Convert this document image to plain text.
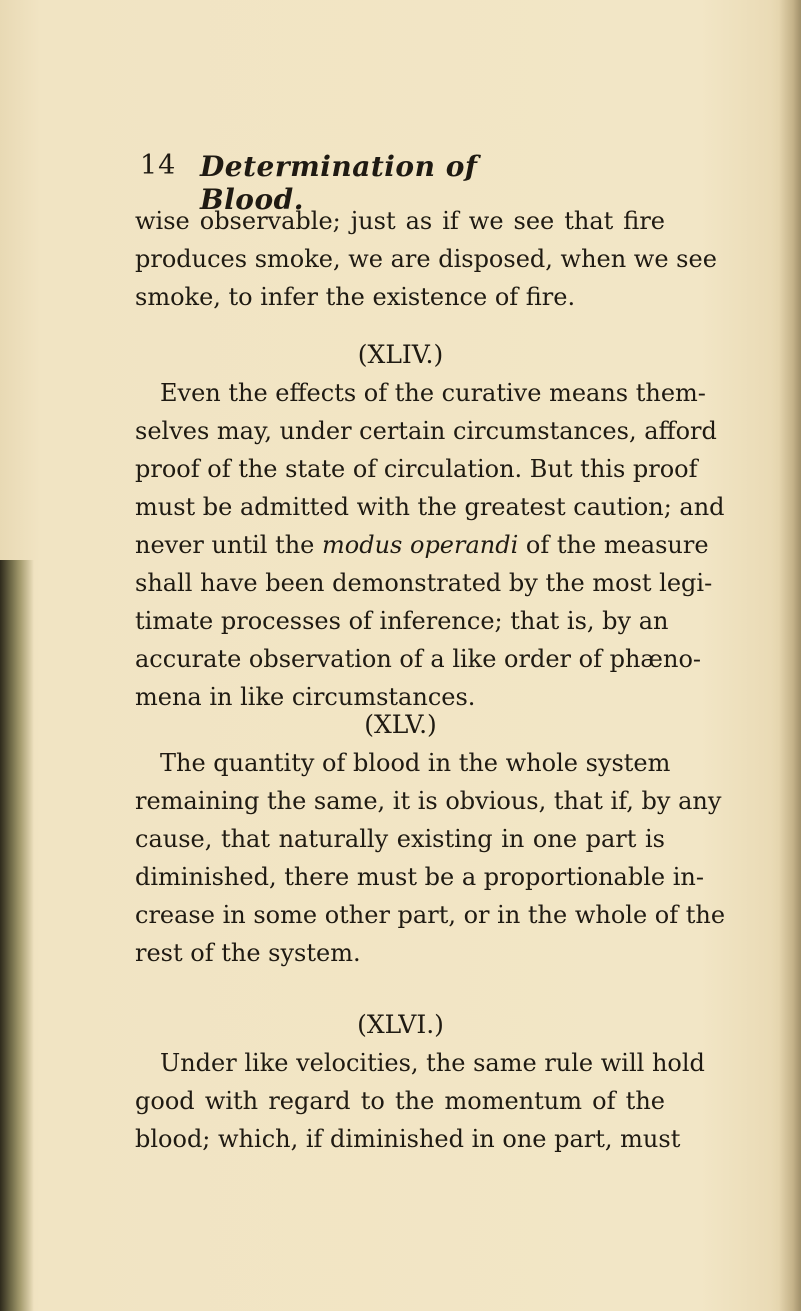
14 Determination of Blood.
wise observable; just as if we see that fire
produces smoke, we are disposed, when we see
smoke, to infer the existence of fire.
(XLIV.)
Even the effects of the curative means them-
selves may, under certain circumstances, afford
proof of the state of circulation. But this proof
must be admitted with the greatest caution; and
never until the modus operandi of the measure
shall have been demonstrated by the most legi-
timate processes of inference; that is, by an
accurate observation of a like order of phæno-
mena in like circumstances.
(XLV.)
The quantity of blood in the whole system
remaining the same, it is obvious, that if, by any
cause, that naturally existing in one part is
diminished, there must be a proportionable in-
crease in some other part, or in the whole of the
rest of the system.
(XLVI.)
Under like velocities, the same rule will hold
good with regard to the momentum of the
blood; which, if diminished in one part, must
